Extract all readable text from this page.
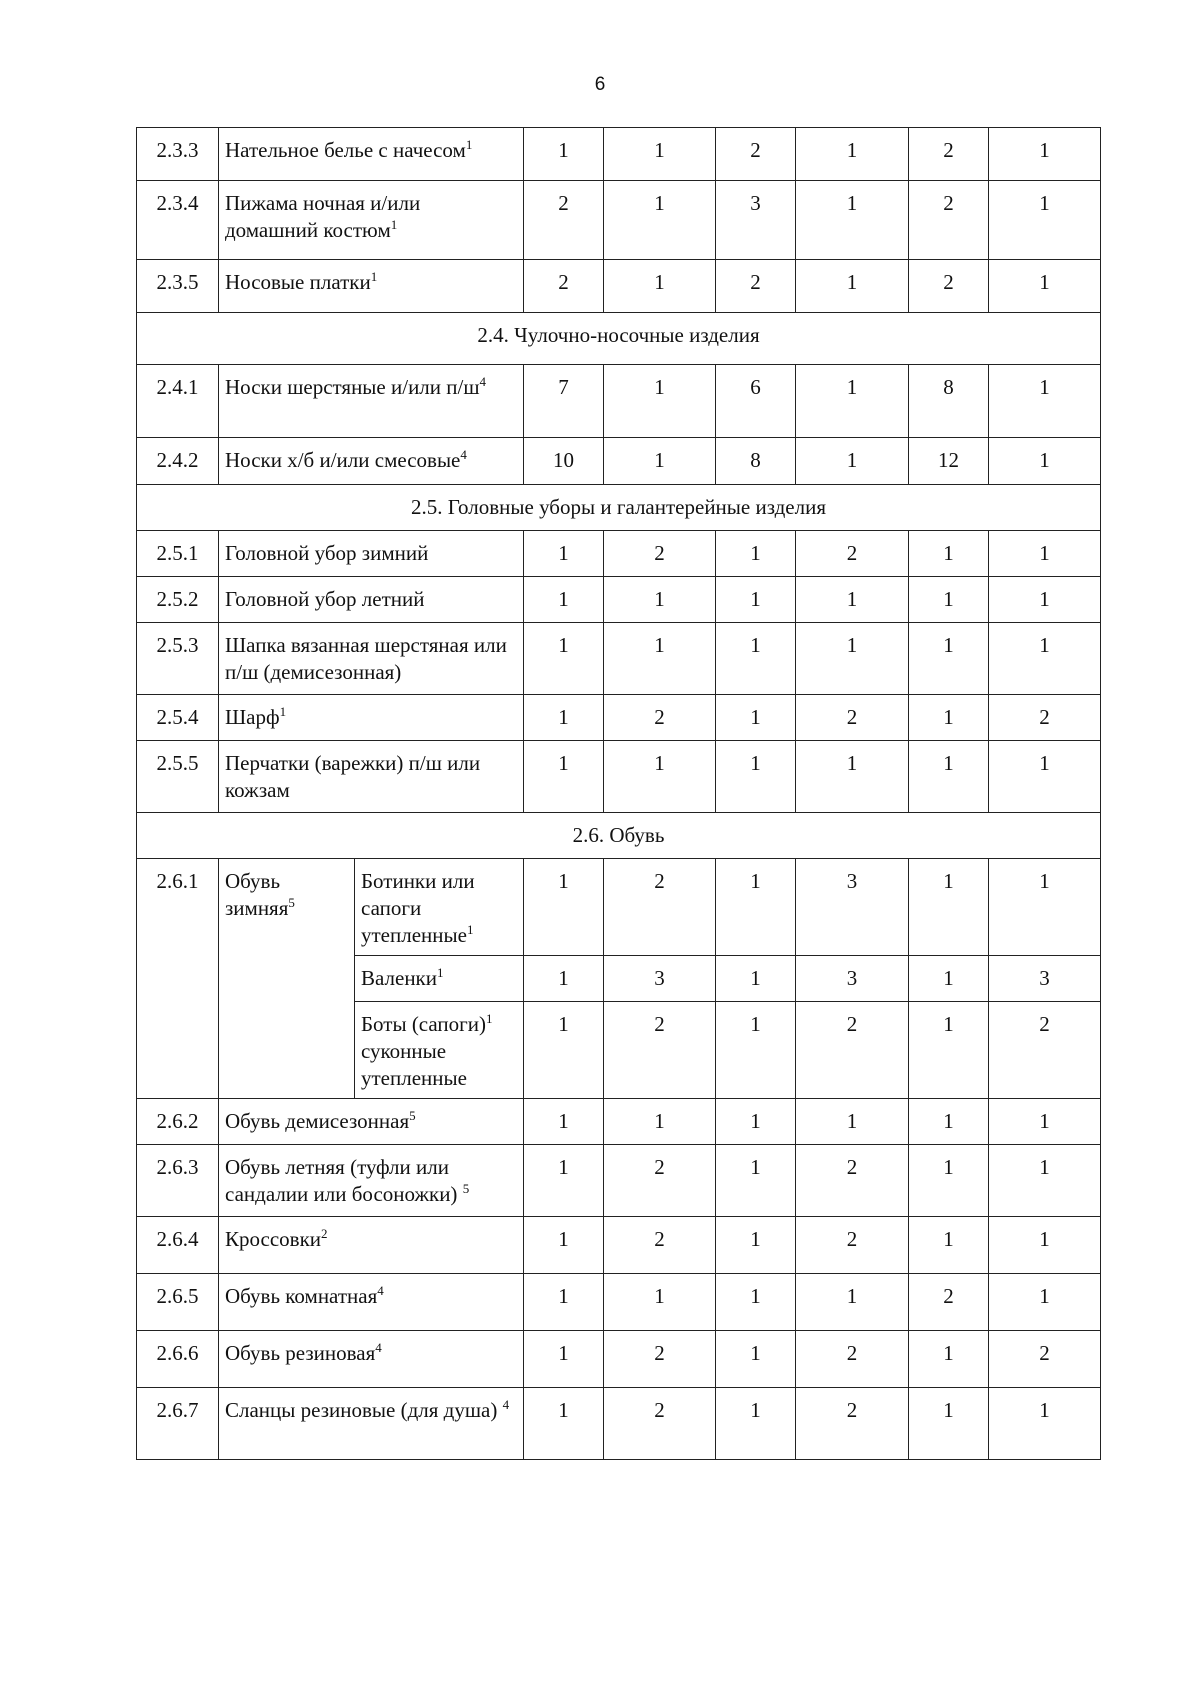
6
2.3.3	Нательное белье с начесом$^1$		1	1	2	1	2	1
2.3.4	Пижама ночная и/или домашний костюм$^1$		2	1	3	1	2	1
2.3.5	Носовые платки$^1$		2	1	2	1	2	1
2.4. Чулочно-носочные изделия								
2.4.1	Носки шерстяные и/или $п/ш^4$		7	1	6	1	8	1
2.4.2	Носки х/б и/или смесовые$^4$		10	1	8	1	12	1
2.5. Головные уборы и галантерейные изделия								
2.5.1	Головной убор зимний		1	2	1	2	1	1
2.5.2	Головной убор летний		1	1	1	1	1	1
2.5.3	Шапка вязанная шерстяная или п/ш (демисезонная)		1	1	1	1	1	1
2.5.4	Шарф$^1$		1	2	1	2	1	2
2.5.5	Перчатки (варежки) п/ш или кожзам		1	1	1	1	1	1
2.6. Обувь								
2.6.1	Обувь зимняя$^5$	Ботинки или сапоги утепленные$^1$	1	2	1	3	1	1
		Валенки$^1$	1	3	1	3	1	3
		Боты (сапоги)$^1$ суконные утепленные	1	2	1	2	1	2
2.6.2	Обувь демисезонная$^5$		1	1	1	1	1	1
2.6.3	Обувь летняя (туфли или сандалии или босоножки) $^5$		1	2	1	2	1	1
2.6.4	Кроссовки$^2$		1	2	1	2	1	1
2.6.5	Обувь комнатная$^4$		1	1	1	1	2	1
2.6.6	Обувь резиновая$^4$		1	2	1	2	1	2
2.6.7	Сланцы резиновые (для душа) $^4$		1	2	1	2	1	1
